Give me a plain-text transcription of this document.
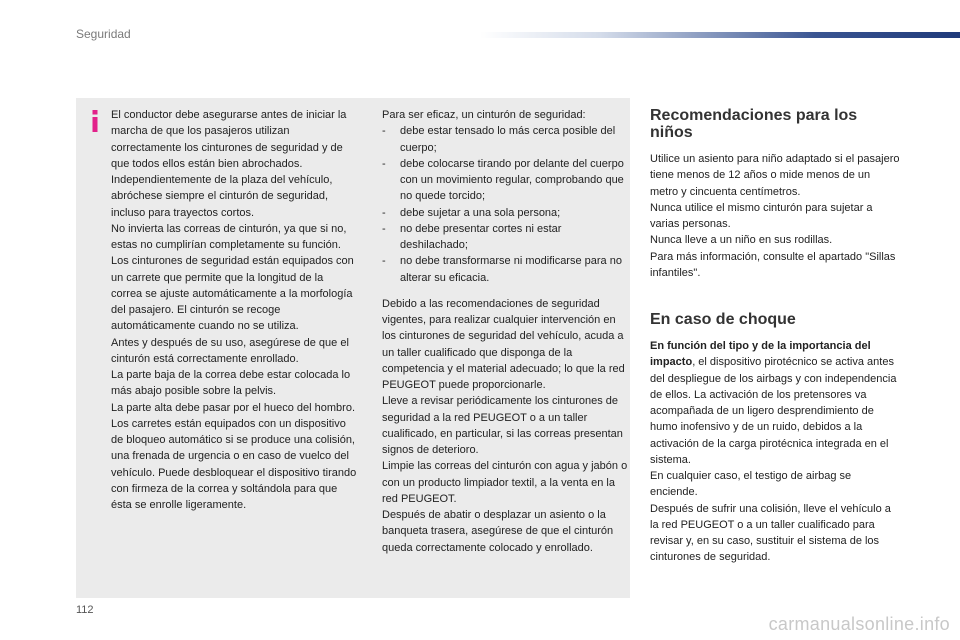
Seguridad

El conductor debe asegurarse antes de iniciar la marcha de que los pasajeros utilizan correctamente los cinturones de seguridad y de que todos ellos están bien abrochados.

Independientemente de la plaza del vehículo, abróchese siempre el cinturón de seguridad, incluso para trayectos cortos.

No invierta las correas de cinturón, ya que si no, estas no cumplirían completamente su función.

Los cinturones de seguridad están equipados con un carrete que permite que la longitud de la correa se ajuste automáticamente a la morfología del pasajero. El cinturón se recoge automáticamente cuando no se utiliza.

Antes y después de su uso, asegúrese de que el cinturón está correctamente enrollado.

La parte baja de la correa debe estar colocada lo más abajo posible sobre la pelvis.

La parte alta debe pasar por el hueco del hombro.

Los carretes están equipados con un dispositivo de bloqueo automático si se produce una colisión, una frenada de urgencia o en caso de vuelco del vehículo. Puede desbloquear el dispositivo tirando con firmeza de la correa y soltándola para que ésta se enrolle ligeramente.

Para ser eficaz, un cinturón de seguridad:

-	debe estar tensado lo más cerca posible del cuerpo;
-	debe colocarse tirando por delante del cuerpo con un movimiento regular, comprobando que no quede torcido;
-	debe sujetar a una sola persona;
-	no debe presentar cortes ni estar deshilachado;
-	no debe transformarse ni modificarse para no alterar su eficacia.

Debido a las recomendaciones de seguridad vigentes, para realizar cualquier intervención en los cinturones de seguridad del vehículo, acuda a un taller cualificado que disponga de la competencia y el material adecuado; lo que la red PEUGEOT puede proporcionarle.

Lleve a revisar periódicamente los cinturones de seguridad a la red PEUGEOT o a un taller cualificado, en particular, si las correas presentan signos de deterioro.

Limpie las correas del cinturón con agua y jabón o con un producto limpiador textil, a la venta en la red PEUGEOT.

Después de abatir o desplazar un asiento o la banqueta trasera, asegúrese de que el cinturón queda correctamente colocado y enrollado.

Recomendaciones para los niños

Utilice un asiento para niño adaptado si el pasajero tiene menos de 12 años o mide menos de un metro y cincuenta centímetros.

Nunca utilice el mismo cinturón para sujetar a varias personas.

Nunca lleve a un niño en sus rodillas.

Para más información, consulte el apartado "Sillas infantiles".

En caso de choque

En función del tipo y de la importancia del impacto, el dispositivo pirotécnico se activa antes del despliegue de los airbags y con independencia de ellos. La activación de los pretensores va acompañada de un ligero desprendimiento de humo inofensivo y de un ruido, debidos a la activación de la carga pirotécnica integrada en el sistema.

En cualquier caso, el testigo de airbag se enciende.

Después de sufrir una colisión, lleve el vehículo a la red PEUGEOT o a un taller cualificado para revisar y, en su caso, sustituir el sistema de los cinturones de seguridad.

112
carmanualsonline.info
